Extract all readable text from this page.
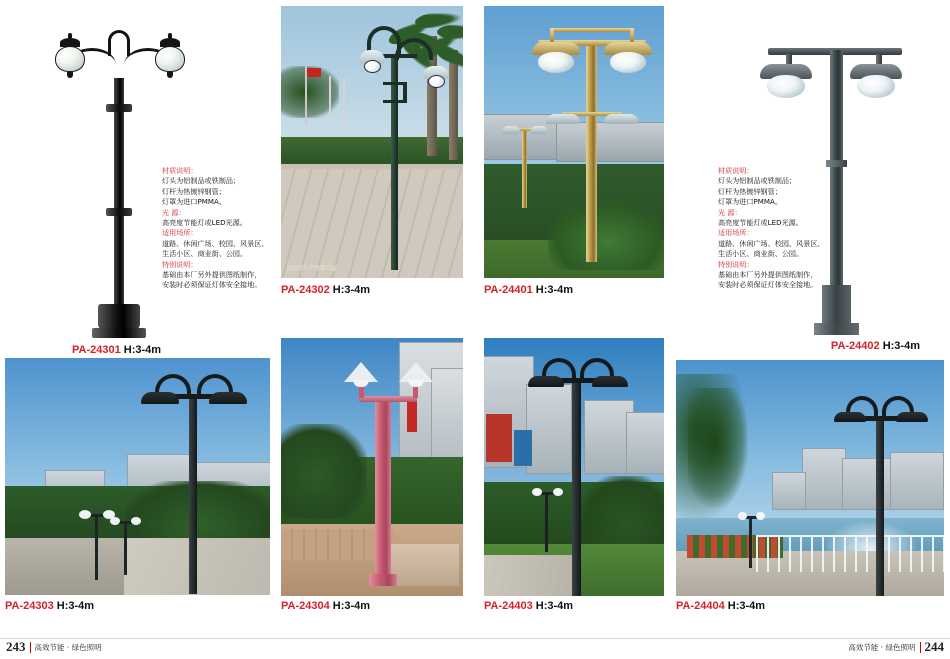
PA-24301 H:3-4m
材质说明：
灯头为铝制品或铁制品；
灯杆为热镀锌钢管；
灯罩为进口PMMA。
光 源：
高亮度节能灯或LED光源。
适用场所：
道路、休闲广场、校园、风景区、
生活小区、商业街、公园。
特别说明：
基础由本厂另外提供图纸制作，
安装时必须保证灯体安全接地。
原创图片严禁翻印@
PA-24302 H:3-4m	PA-24401 H:3-4m
PA-24402 H:3-4m
材质说明：
灯头为铝制品或铁制品；
灯杆为热镀锌钢管；
灯罩为进口PMMA。
光 源：
高亮度节能灯或LED光源。
适用场所：
道路、休闲广场、校园、风景区、
生活小区、商业街、公园。
特别说明：
基础由本厂另外提供图纸制作，
安装时必须保证灯体安全接地。
PA-24303 H:3-4m	PA-24304 H:3-4m	PA-24403 H:3-4m	PA-24404 H:3-4m
243 高效节能 · 绿色照明	高效节能 · 绿色照明 244
